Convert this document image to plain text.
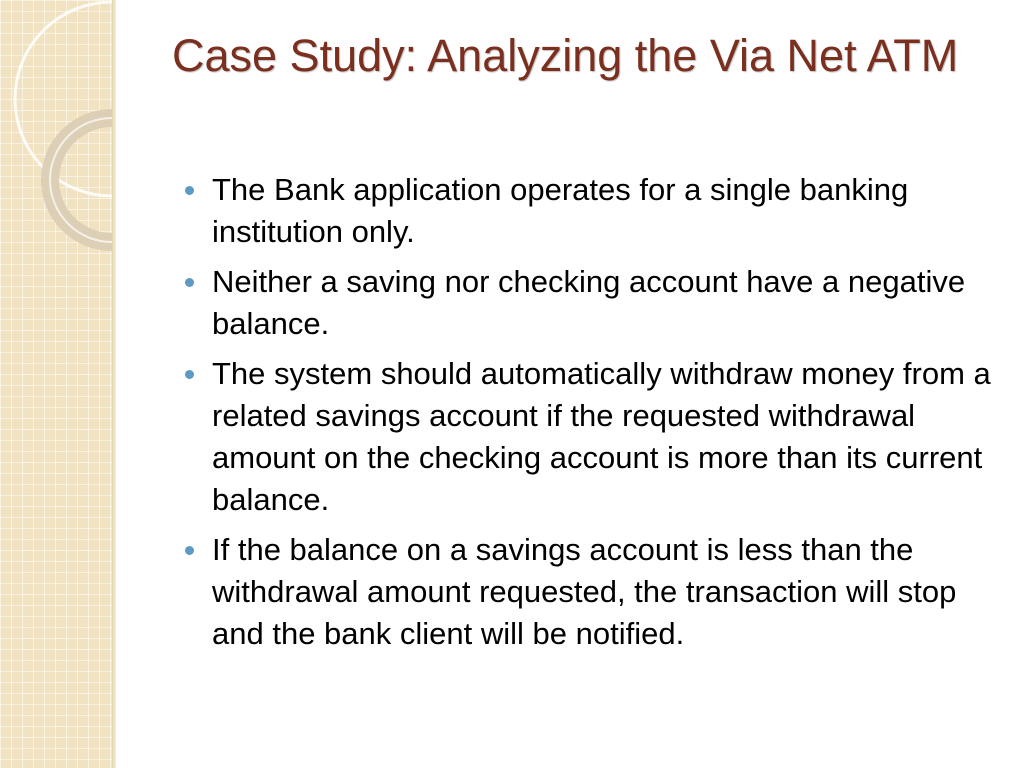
Case Study: Analyzing the Via Net ATM
The Bank application operates for a single banking institution only.
Neither a saving nor checking account have a negative balance.
The system should automatically withdraw money from a related savings account if the requested withdrawal amount on the checking account is more than its current balance.
If the balance on a savings account is less than the withdrawal amount requested, the transaction will stop and the bank client will be notified.
